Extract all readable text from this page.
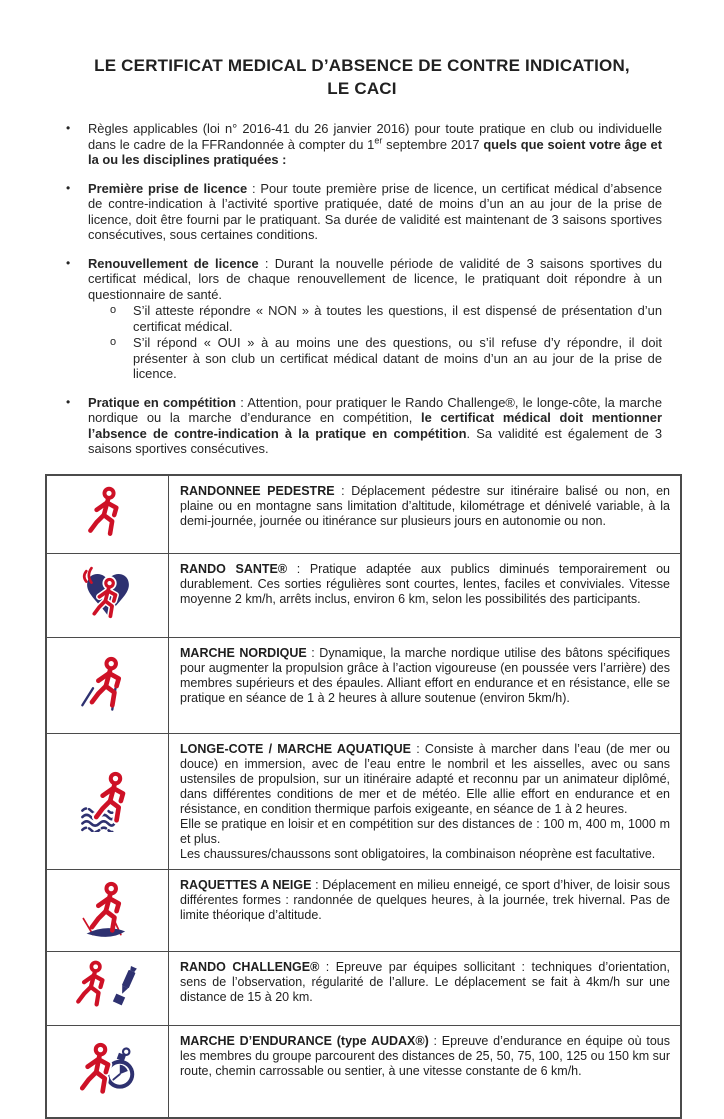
LE CERTIFICAT MEDICAL D’ABSENCE DE CONTRE INDICATION,
LE CACI
•	Règles applicables (loi n° 2016-41 du 26 janvier 2016) pour toute pratique en club ou individuelle dans le cadre de la FFRandonnée à compter du 1er septembre 2017 quels que soient votre âge et la ou les disciplines pratiquées :
•	Première prise de licence : Pour toute première prise de licence, un certificat médical d’absence de contre-indication à l’activité sportive pratiquée, daté de moins d’un an au jour de la prise de licence, doit être fourni par le pratiquant. Sa durée de validité est maintenant de 3 saisons sportives consécutives, sous certaines conditions.
•	Renouvellement de licence : Durant la nouvelle période de validité de 3 saisons sportives du certificat médical, lors de chaque renouvellement de licence, le pratiquant doit répondre à un questionnaire de santé.
o	S’il atteste répondre « NON » à toutes les questions, il est dispensé de présentation d’un certificat médical.
o	S’il répond « OUI » à au moins une des questions, ou s’il refuse d’y répondre, il doit présenter à son club un certificat médical datant de moins d’un an au jour de la prise de licence.
•	Pratique en compétition : Attention, pour pratiquer le Rando Challenge®, le longe-côte, la marche nordique ou la marche d’endurance en compétition, le certificat médical doit mentionner l’absence de contre-indication à la pratique en compétition. Sa validité est également de 3 saisons sportives consécutives.
	RANDONNEE PEDESTRE : Déplacement pédestre sur itinéraire balisé ou non, en plaine ou en montagne sans limitation d’altitude, kilométrage et dénivelé variable, à la demi-journée, journée ou itinérance sur plusieurs jours en autonomie ou non.
	RANDO SANTE® : Pratique adaptée aux publics diminués temporairement ou durablement. Ces sorties régulières sont courtes, lentes, faciles et conviviales. Vitesse moyenne 2 km/h, arrêts inclus, environ 6 km, selon les possibilités des participants.
	MARCHE NORDIQUE : Dynamique, la marche nordique utilise des bâtons spécifiques pour augmenter la propulsion grâce à l’action vigoureuse (en poussée vers l’arrière) des membres supérieurs et des épaules. Alliant effort en endurance et en résistance, elle se pratique en séance de 1 à 2 heures à allure soutenue (environ 5km/h).
	LONGE-COTE / MARCHE AQUATIQUE : Consiste à marcher dans l’eau (de mer ou douce) en immersion, avec de l’eau entre le nombril et les aisselles, avec ou sans ustensiles de propulsion, sur un itinéraire adapté et reconnu par un animateur diplômé, dans différentes conditions de mer et de météo. Elle allie effort en endurance et en résistance, en condition thermique parfois exigeante, en séance de 1 à 2 heures.
Elle se pratique en loisir et en compétition sur des distances de : 100 m, 400 m, 1000 m et plus.
Les chaussures/chaussons sont obligatoires, la combinaison néoprène est facultative.
	RAQUETTES A NEIGE : Déplacement en milieu enneigé, ce sport d’hiver, de loisir sous différentes formes : randonnée de quelques heures, à la journée, trek hivernal. Pas de limite théorique d’altitude.
	RANDO CHALLENGE® : Epreuve par équipes sollicitant : techniques d’orientation, sens de l’observation, régularité de l’allure. Le déplacement se fait à 4km/h sur une distance de 15 à 20 km.
	MARCHE D’ENDURANCE (type AUDAX®) : Epreuve d’endurance en équipe où tous les membres du groupe parcourent des distances de 25, 50, 75, 100, 125 ou 150 km sur route, chemin carrossable ou sentier, à une vitesse constante de 6 km/h.
